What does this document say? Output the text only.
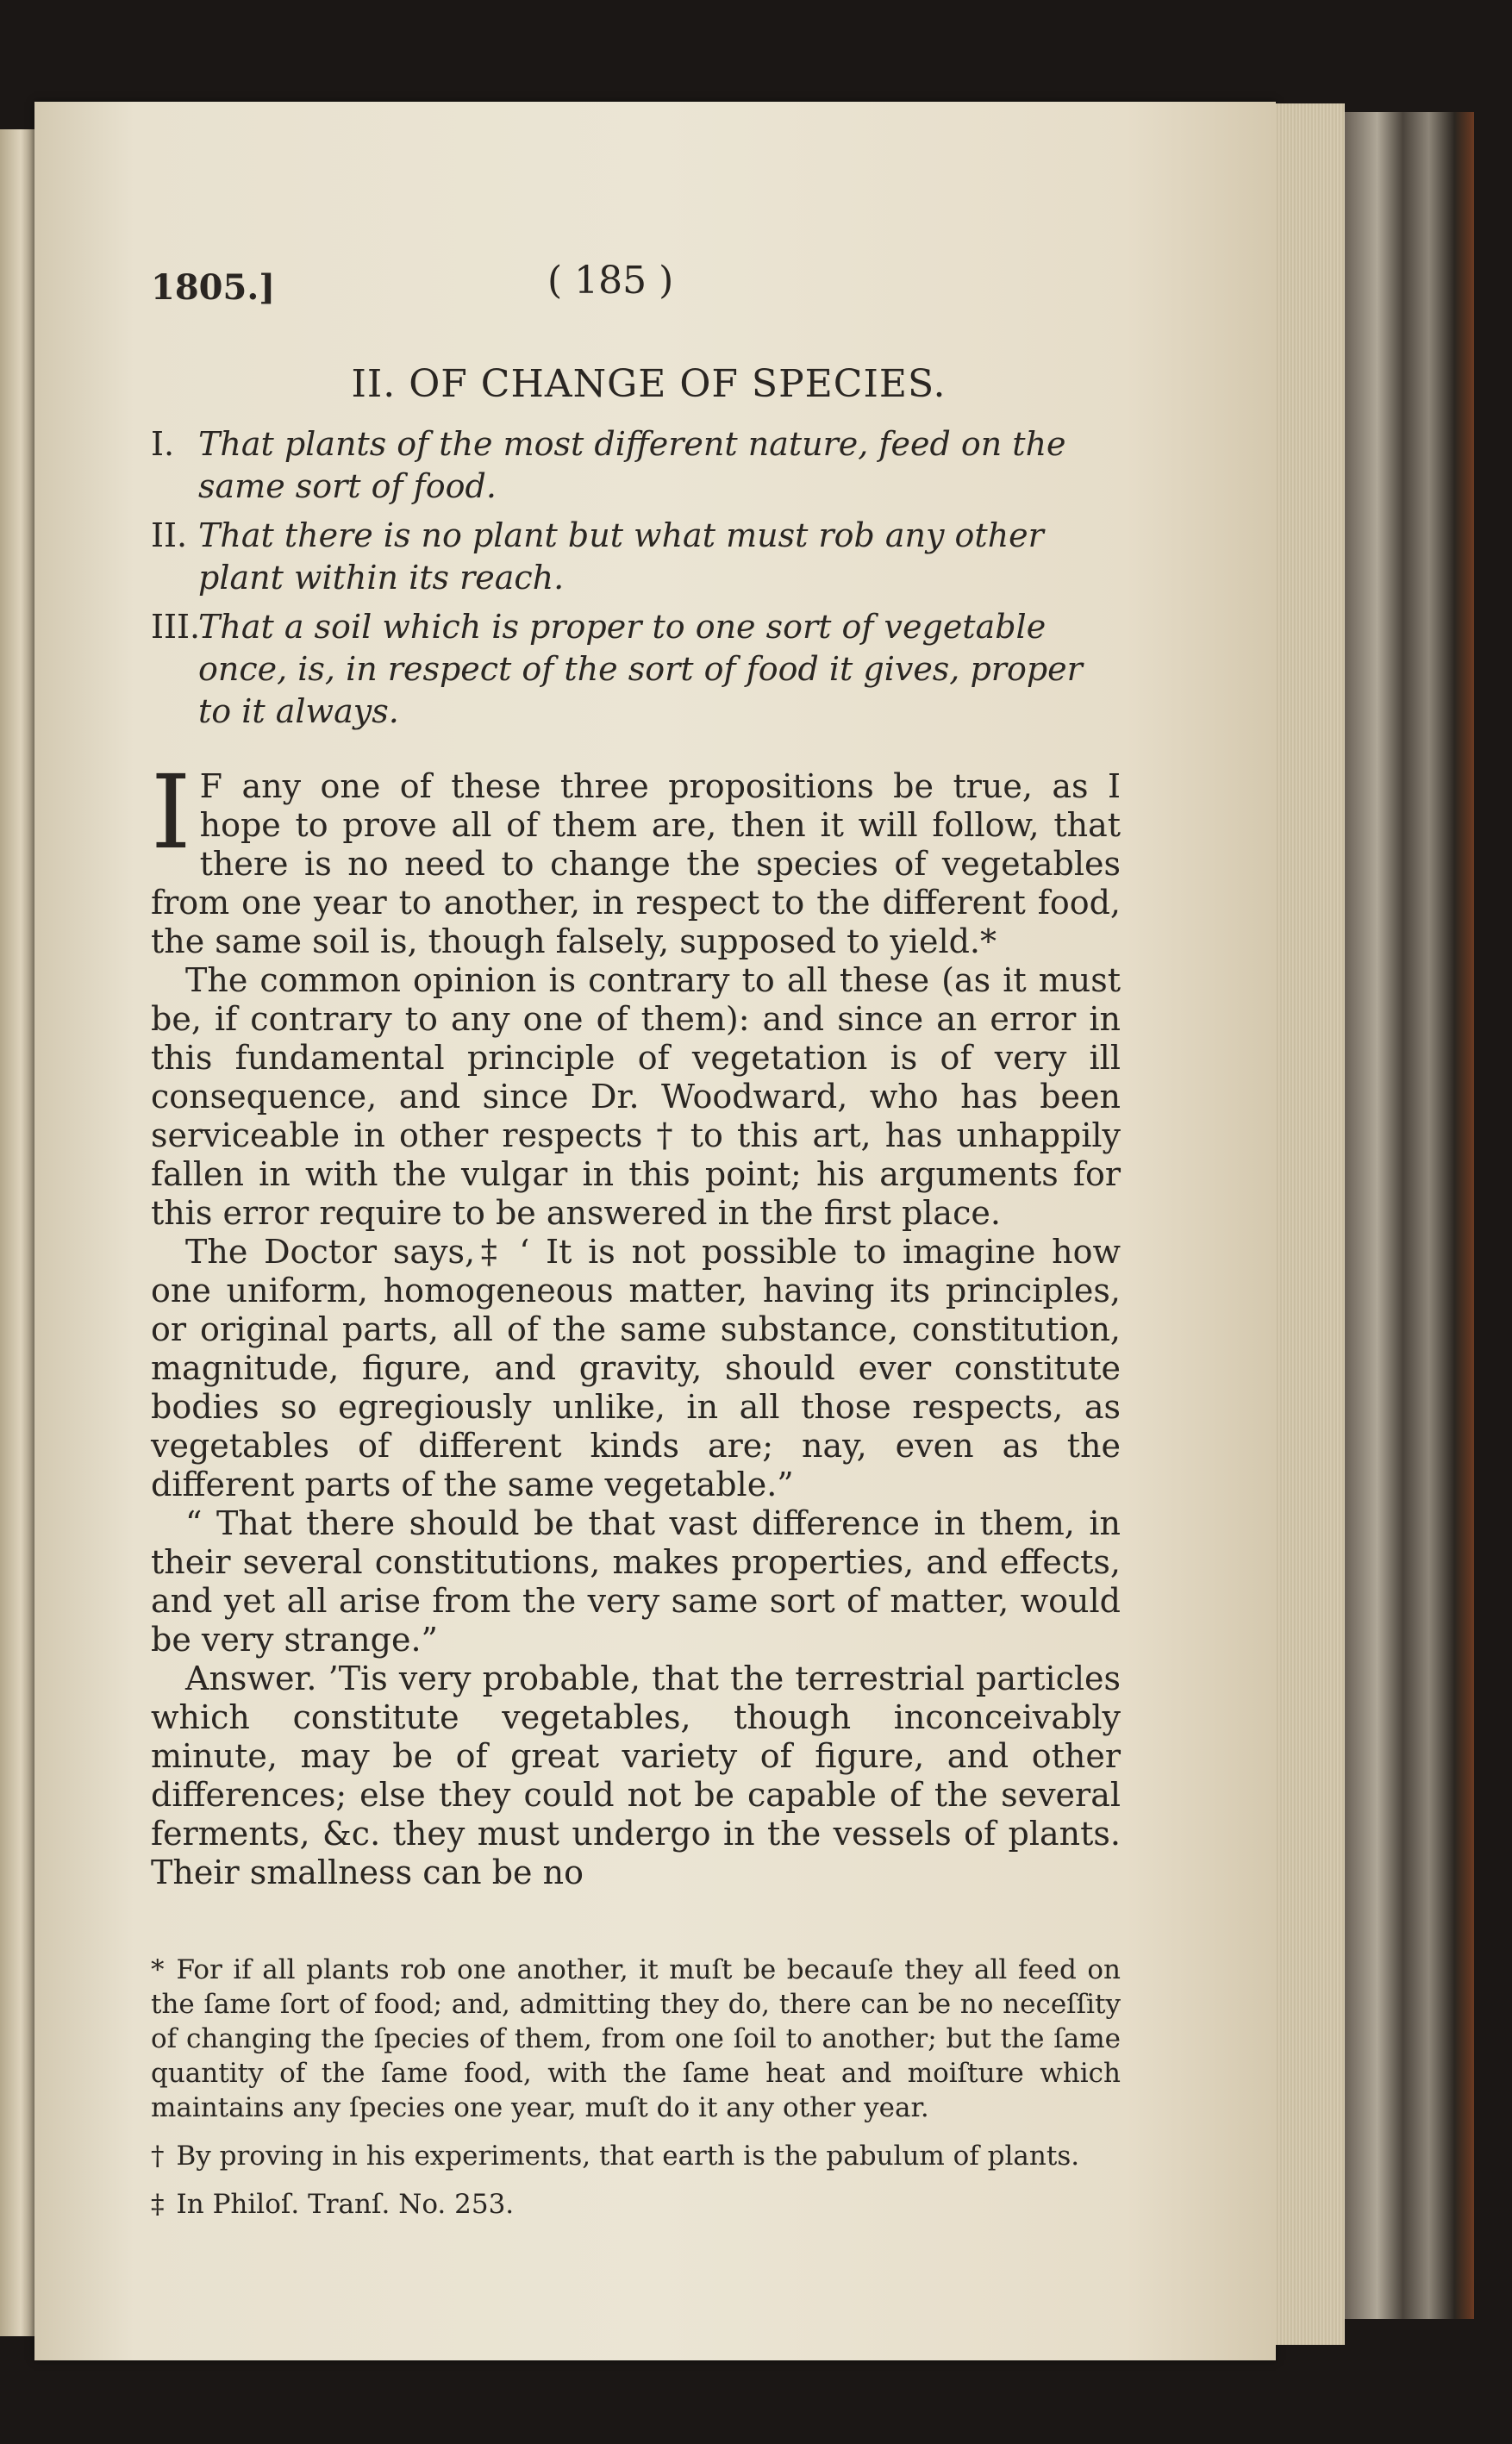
1805.]	( 185 )
II. OF CHANGE OF SPECIES.
I. That plants of the most different nature, feed on the same sort of food.
II. That there is no plant but what must rob any other plant within its reach.
III.
That a soil which is proper to one sort of vegetable once, is, in respect of the sort of food it gives, proper to it always.

I F any one of these three propositions be true, as I hope to prove all of them are, then it will follow, that there is no need to change the species of vegetables from one year to another, in respect to the different food, the same soil is, though falsely, supposed to yield.*

The common opinion is contrary to all these (as it must be, if contrary to any one of them): and since an error in this fundamental principle of vegetation is of very ill consequence, and since Dr. Woodward, who has been serviceable in other respects † to this art, has unhappily fallen in with the vulgar in this point; his arguments for this error require to be answered in the first place.

The Doctor says,‡ ‘ It is not possible to imagine how one uniform, homogeneous matter, having its principles, or original parts, all of the same substance, constitution, magnitude, figure, and gravity, should ever constitute bodies so egregiously unlike, in all those respects, as vegetables of different kinds are; nay, even as the different parts of the same vegetable.”

“ That there should be that vast difference in them, in their several constitutions, makes properties, and effects, and yet all arise from the very same sort of matter, would be very strange.”

Answer. ’Tis very probable, that the terrestrial particles which constitute vegetables, though inconceivably minute, may be of great variety of figure, and other differences; else they could not be capable of the several ferments, &c. they must undergo in the vessels of plants. Their smallness can be no

* For if all plants rob one another, it muſt be becauſe they all feed on the ſame ſort of food; and, admitting they do, there can be no neceſſity of changing the ſpecies of them, from one ſoil to another; but the ſame quantity of the ſame food, with the ſame heat and moiſture which maintains any ſpecies one year, muſt do it any other year.

† By proving in his experiments, that earth is the pabulum of plants.

‡ In Philoſ. Tranſ. No. 253.
